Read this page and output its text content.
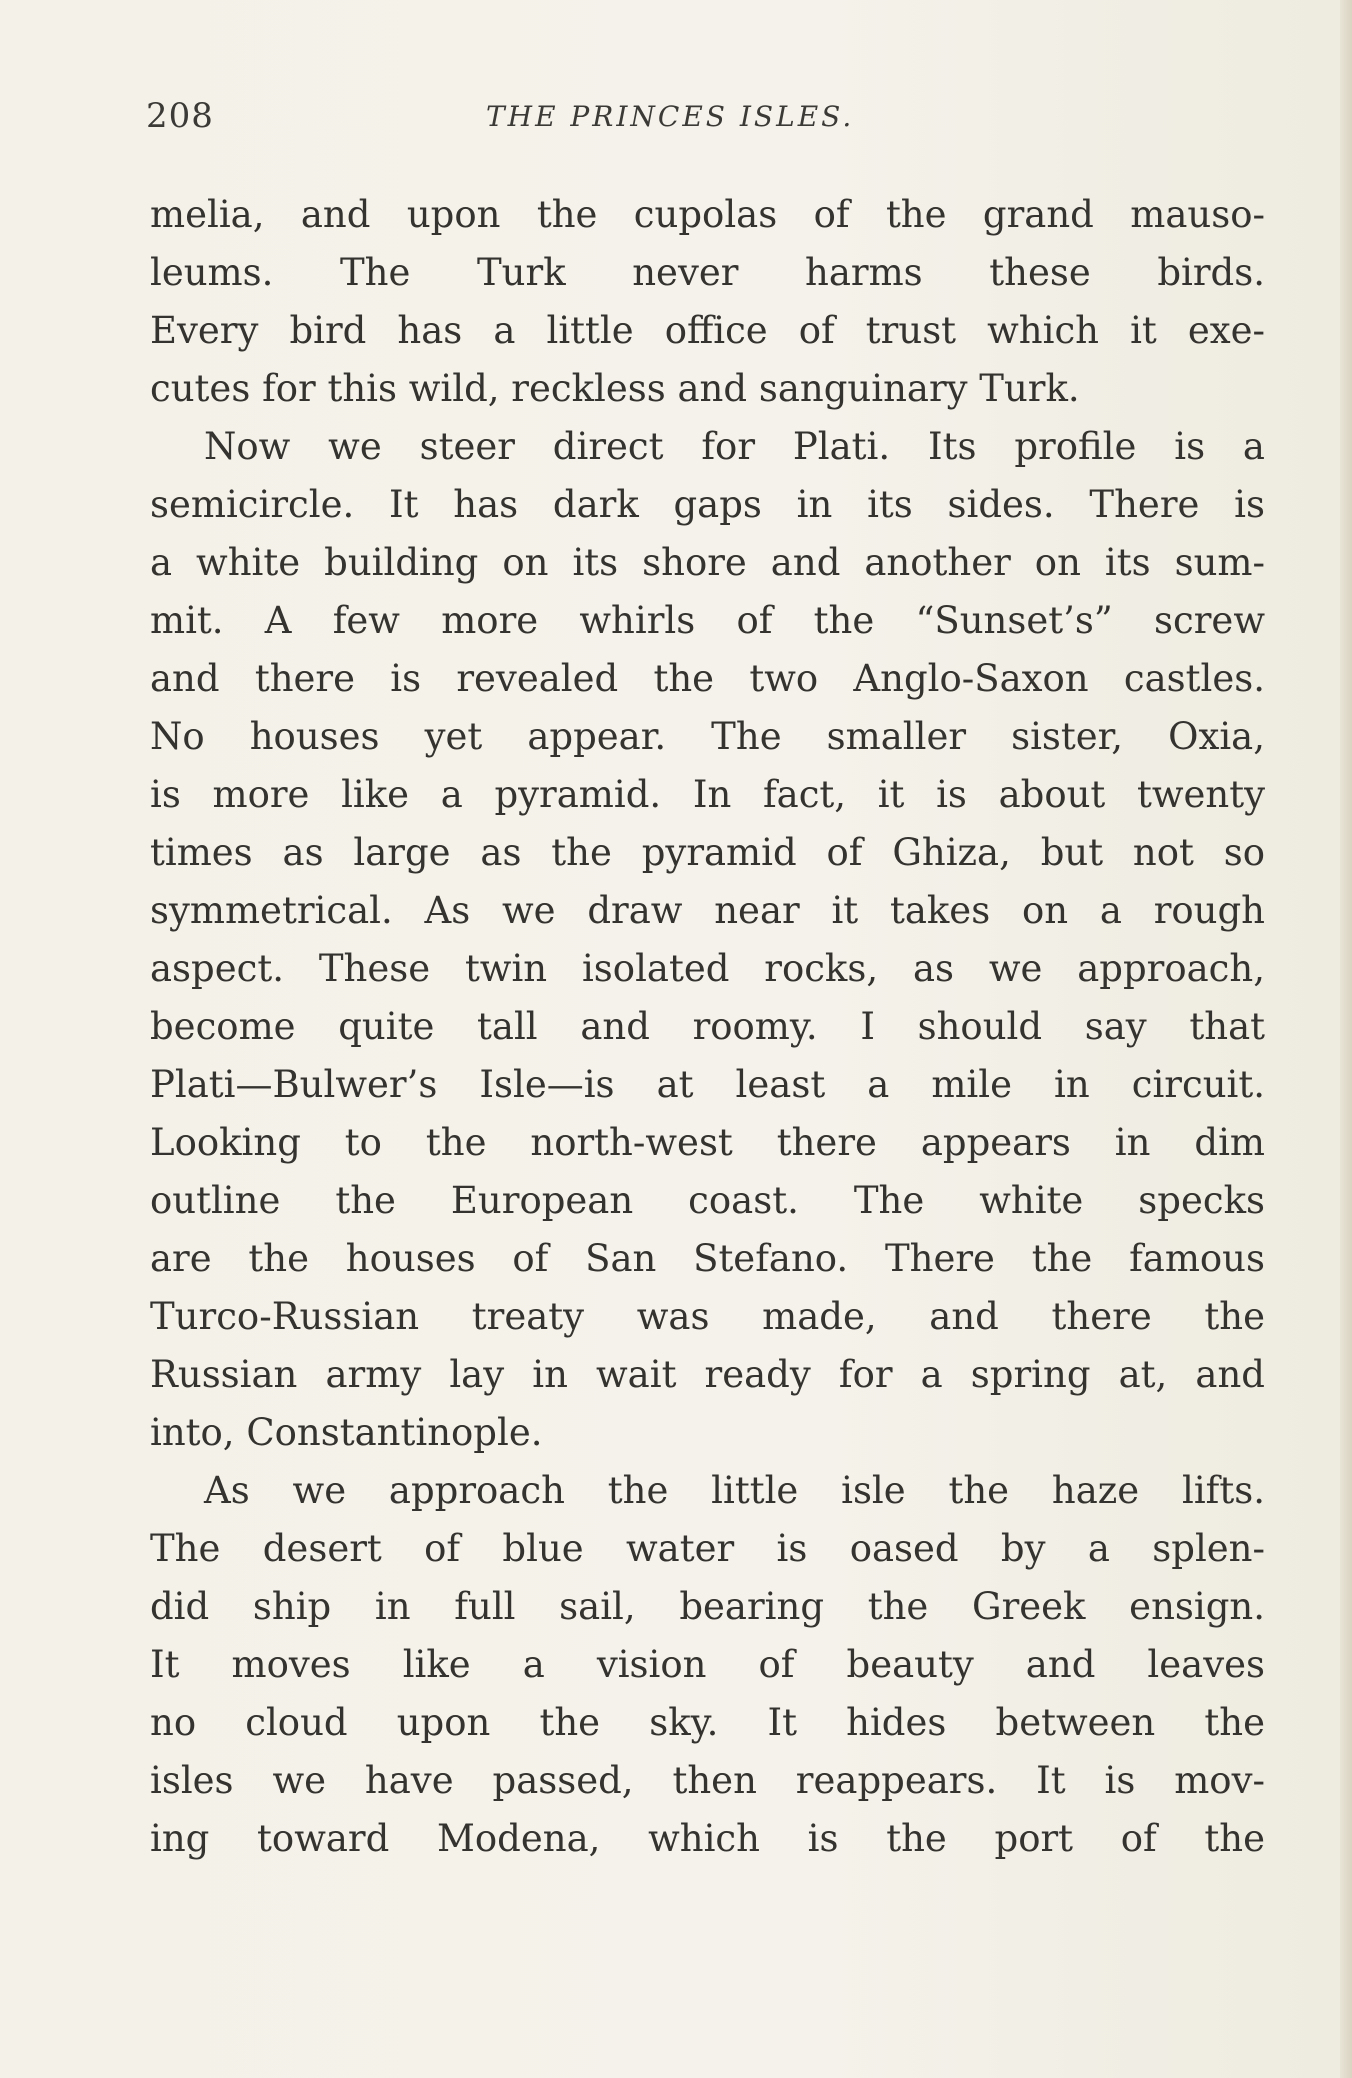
208	THE PRINCES ISLES.
melia, and upon the cupolas of the grand mauso-
leums. The Turk never harms these birds.
Every bird has a little office of trust which it exe-
cutes for this wild, reckless and sanguinary Turk.
Now we steer direct for Plati. Its profile is a
semicircle. It has dark gaps in its sides. There is
a white building on its shore and another on its sum-
mit. A few more whirls of the “Sunset’s” screw
and there is revealed the two Anglo-Saxon castles.
No houses yet appear. The smaller sister, Oxia,
is more like a pyramid. In fact, it is about twenty
times as large as the pyramid of Ghiza, but not so
symmetrical. As we draw near it takes on a rough
aspect. These twin isolated rocks, as we approach,
become quite tall and roomy. I should say that
Plati—Bulwer’s Isle—is at least a mile in circuit.
Looking to the north-west there appears in dim
outline the European coast. The white specks
are the houses of San Stefano. There the famous
Turco-Russian treaty was made, and there the
Russian army lay in wait ready for a spring at, and
into, Constantinople.
As we approach the little isle the haze lifts.
The desert of blue water is oased by a splen-
did ship in full sail, bearing the Greek ensign.
It moves like a vision of beauty and leaves
no cloud upon the sky. It hides between the
isles we have passed, then reappears. It is mov-
ing toward Modena, which is the port of the
